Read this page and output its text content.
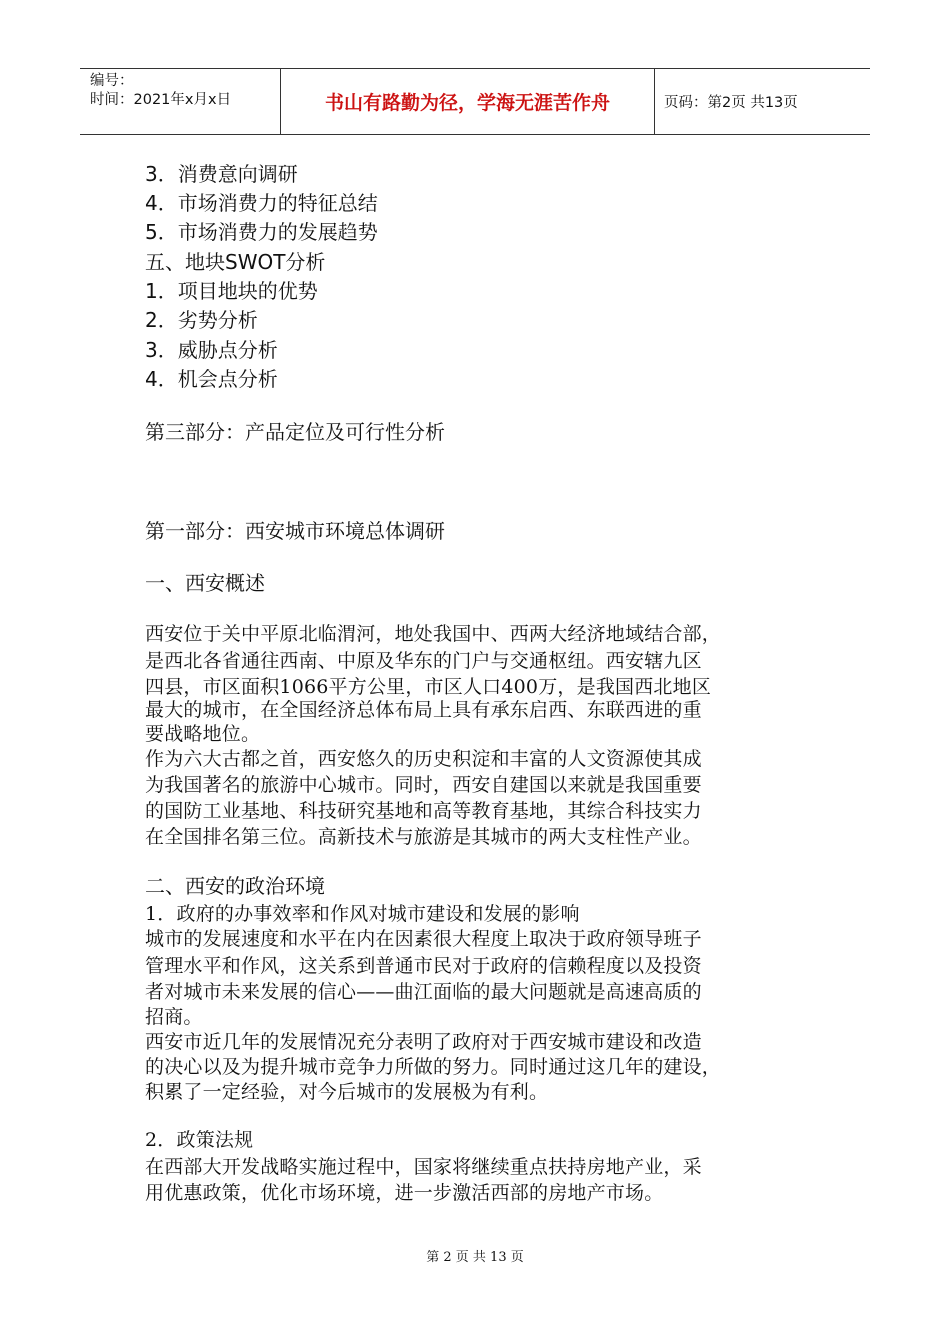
编号：
时间：2021年x月x日	书山有路勤为径，学海无涯苦作舟	页码：第2页 共13页

3．消费意向调研

4．市场消费力的特征总结

5．市场消费力的发展趋势

五、地块SWOT分析

1．项目地块的优势

2．劣势分析

3．威胁点分析

4．机会点分析

第三部分：产品定位及可行性分析

第一部分：西安城市环境总体调研

一、西安概述

西安位于关中平原北临渭河，地处我国中、西两大经济地域结合部，

是西北各省通往西南、中原及华东的门户与交通枢纽。西安辖九区

四县，市区面积1066平方公里，市区人口400万，是我国西北地区

最大的城市，在全国经济总体布局上具有承东启西、东联西进的重

要战略地位。

作为六大古都之首，西安悠久的历史积淀和丰富的人文资源使其成

为我国著名的旅游中心城市。同时，西安自建国以来就是我国重要

的国防工业基地、科技研究基地和高等教育基地，其综合科技实力

在全国排名第三位。高新技术与旅游是其城市的两大支柱性产业。

二、西安的政治环境

1．政府的办事效率和作风对城市建设和发展的影响

城市的发展速度和水平在内在因素很大程度上取决于政府领导班子

管理水平和作风，这关系到普通市民对于政府的信赖程度以及投资

者对城市未来发展的信心——曲江面临的最大问题就是高速高质的

招商。

西安市近几年的发展情况充分表明了政府对于西安城市建设和改造

的决心以及为提升城市竞争力所做的努力。同时通过这几年的建设，

积累了一定经验，对今后城市的发展极为有利。

2．政策法规

在西部大开发战略实施过程中，国家将继续重点扶持房地产业，采

用优惠政策，优化市场环境，进一步激活西部的房地产市场。

第 2 页 共 13 页
